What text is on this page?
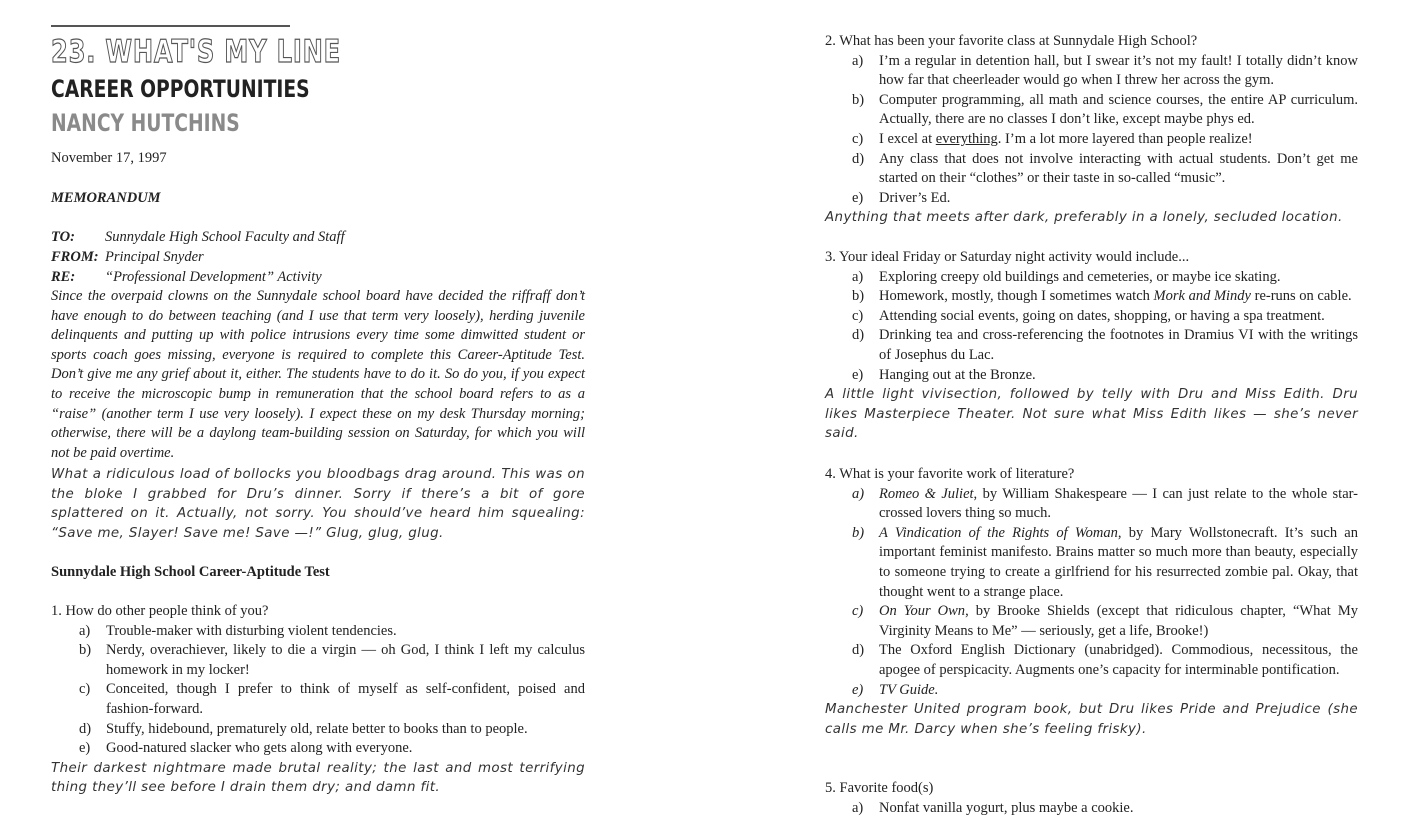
23. WHAT'S MY LINE
CAREER OPPORTUNITIES
NANCY HUTCHINS
November 17, 1997
MEMORANDUM
TO: Sunnydale High School Faculty and Staff
FROM: Principal Snyder
RE: “Professional Development” Activity
Since the overpaid clowns on the Sunnydale school board have decided the riffraff don’t have enough to do between teaching (and I use that term very loosely), herding juvenile delinquents and putting up with police intrusions every time some dimwitted student or sports coach goes missing, everyone is required to complete this Career-Aptitude Test. Don’t give me any grief about it, either. The students have to do it. So do you, if you expect to receive the microscopic bump in remuneration that the school board refers to as a “raise” (another term I use very loosely). I expect these on my desk Thursday morning; otherwise, there will be a daylong team-building session on Saturday, for which you will not be paid overtime.
What a ridiculous load of bollocks you bloodbags drag around. This was on the bloke I grabbed for Dru’s dinner. Sorry if there’s a bit of gore splattered on it. Actually, not sorry. You should’ve heard him squealing: “Save me, Slayer! Save me! Save —!” Glug, glug, glug.
Sunnydale High School Career-Aptitude Test
1. How do other people think of you?
a)	Trouble-maker with disturbing violent tendencies.
b)	Nerdy, overachiever, likely to die a virgin — oh God, I think I left my calculus homework in my locker!
c)	Conceited, though I prefer to think of myself as self-confident, poised and fashion-forward.
d)	Stuffy, hidebound, prematurely old, relate better to books than to people.
e)	Good-natured slacker who gets along with everyone.
Their darkest nightmare made brutal reality; the last and most terrifying thing they’ll see before I drain them dry; and damn fit.
2. What has been your favorite class at Sunnydale High School?
a)	I’m a regular in detention hall, but I swear it’s not my fault! I totally didn’t know how far that cheerleader would go when I threw her across the gym.
b)	Computer programming, all math and science courses, the entire AP curriculum. Actually, there are no classes I don’t like, except maybe phys ed.
c)	I excel at everything. I’m a lot more layered than people realize!
d)	Any class that does not involve interacting with actual students. Don’t get me started on their “clothes” or their taste in so-called “music”.
e)	Driver’s Ed.
Anything that meets after dark, preferably in a lonely, secluded location.
3. Your ideal Friday or Saturday night activity would include...
a)	Exploring creepy old buildings and cemeteries, or maybe ice skating.
b)	Homework, mostly, though I sometimes watch Mork and Mindy re-runs on cable.
c)	Attending social events, going on dates, shopping, or having a spa treatment.
d)	Drinking tea and cross-referencing the footnotes in Dramius VI with the writings of Josephus du Lac.
e)	Hanging out at the Bronze.
A little light vivisection, followed by telly with Dru and Miss Edith. Dru likes Masterpiece Theater. Not sure what Miss Edith likes — she’s never said.
4. What is your favorite work of literature?
a)	Romeo & Juliet, by William Shakespeare — I can just relate to the whole star-crossed lovers thing so much.
b)	A Vindication of the Rights of Woman, by Mary Wollstonecraft. It’s such an important feminist manifesto. Brains matter so much more than beauty, especially to someone trying to create a girlfriend for his resurrected zombie pal. Okay, that thought went to a strange place.
c)	On Your Own, by Brooke Shields (except that ridiculous chapter, “What My Virginity Means to Me” — seriously, get a life, Brooke!)
d)	The Oxford English Dictionary (unabridged). Commodious, necessitous, the apogee of perspicacity. Augments one’s capacity for interminable pontification.
e)	TV Guide.
Manchester United program book, but Dru likes Pride and Prejudice (she calls me Mr. Darcy when she’s feeling frisky).
5. Favorite food(s)
a)	Nonfat vanilla yogurt, plus maybe a cookie.
